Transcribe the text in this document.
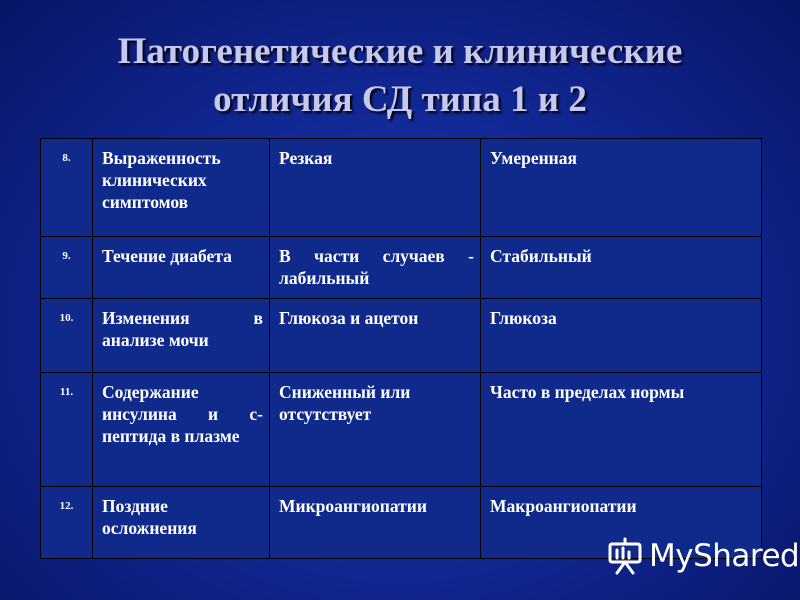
Патогенетические и клинические
отличия СД типа 1 и 2
8.	Выраженность клинических симптомов	Резкая	Умеренная
9.	Течение диабета	В части случаев - лабильный	Стабильный
10.	Изменения в анализе мочи	Глюкоза и ацетон	Глюкоза
11.	Содержание инсулина и с-пептида в плазме	Сниженный или отсутствует	Часто в пределах нормы
12.	Поздние осложнения	Микроангиопатии	Макроангиопатии
MyShared
